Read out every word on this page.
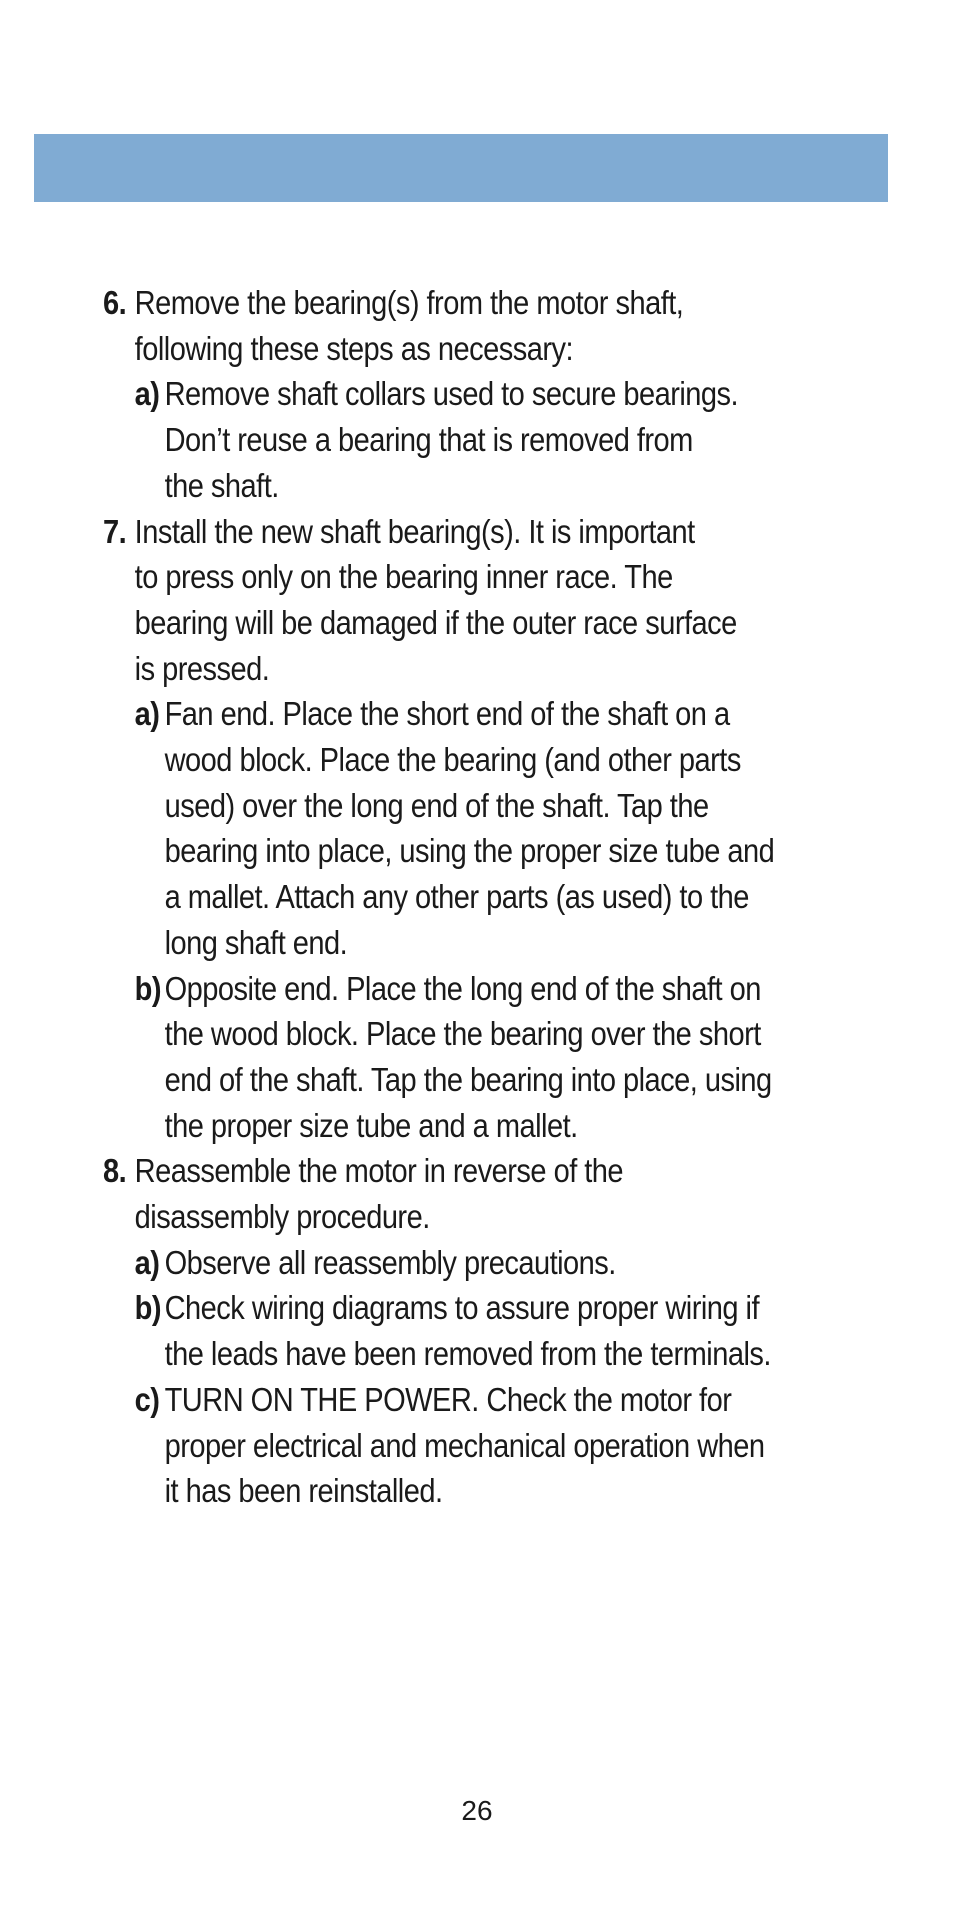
6. Remove the bearing(s) from the motor shaft,
following these steps as necessary:
a) Remove shaft collars used to secure bearings.
Don’t reuse a bearing that is removed from
the shaft.
7. Install the new shaft bearing(s). It is important
to press only on the bearing inner race. The
bearing will be damaged if the outer race surface
is pressed.
a) Fan end. Place the short end of the shaft on a
wood block. Place the bearing (and other parts
used) over the long end of the shaft. Tap the
bearing into place, using the proper size tube and
a mallet. Attach any other parts (as used) to the
long shaft end.
b) Opposite end. Place the long end of the shaft on
the wood block. Place the bearing over the short
end of the shaft. Tap the bearing into place, using
the proper size tube and a mallet.
8. Reassemble the motor in reverse of the
disassembly procedure.
a) Observe all reassembly precautions.
b) Check wiring diagrams to assure proper wiring if
the leads have been removed from the terminals.
c) TURN ON THE POWER. Check the motor for
proper electrical and mechanical operation when
it has been reinstalled.
26
